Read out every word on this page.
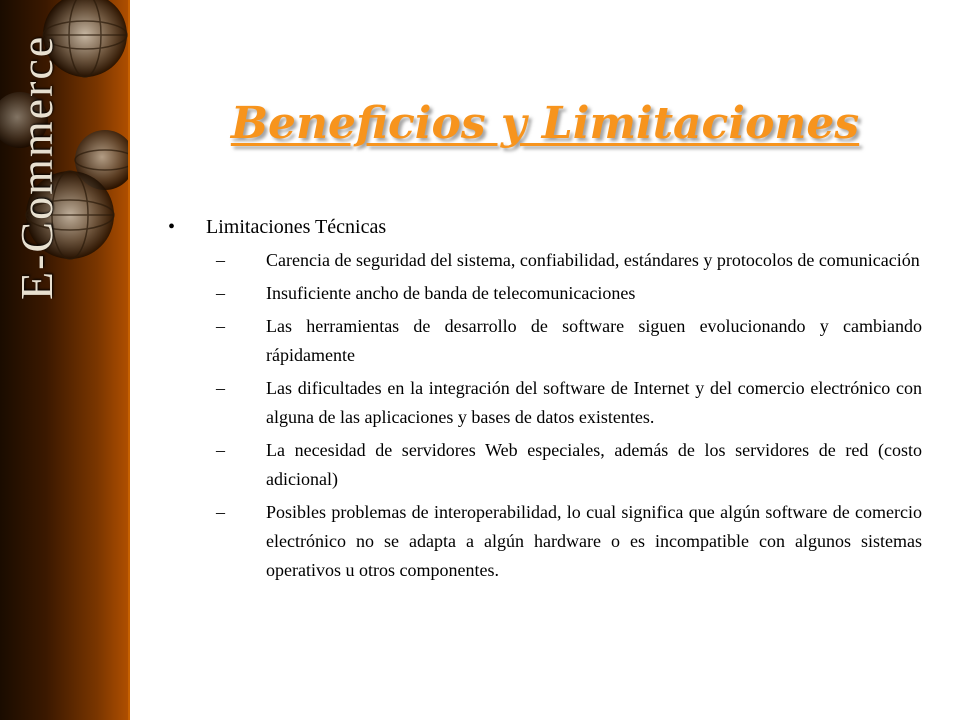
E-Commerce	Beneficios y Limitaciones
•	Limitaciones Técnicas
–	Carencia de seguridad del sistema, confiabilidad, estándares y protocolos de comunicación
–	Insuficiente ancho de banda de telecomunicaciones
–	Las herramientas de desarrollo de software siguen evolucionando y cambiando rápidamente
–	Las dificultades en la integración del software de Internet y del comercio electrónico con alguna de las aplicaciones y bases de datos existentes.
–	La necesidad de servidores Web especiales, además de los servidores de red (costo adicional)
–	Posibles problemas de interoperabilidad, lo cual significa que algún software de comercio electrónico no se adapta a algún hardware o es incompatible con algunos sistemas operativos u otros componentes.
